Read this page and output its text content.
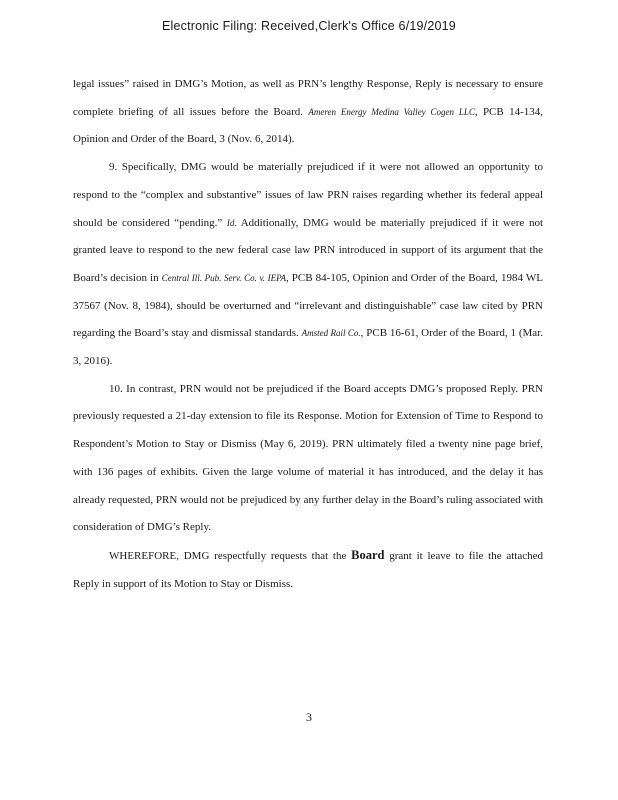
Electronic Filing: Received,Clerk's Office 6/19/2019

legal issues” raised in DMG’s Motion, as well as PRN’s lengthy Response, Reply is necessary to ensure complete briefing of all issues before the Board. Ameren Energy Medina Valley Cogen LLC, PCB 14-134, Opinion and Order of the Board, 3 (Nov. 6, 2014).

9. Specifically, DMG would be materially prejudiced if it were not allowed an opportunity to respond to the “complex and substantive” issues of law PRN raises regarding whether its federal appeal should be considered “pending.” Id. Additionally, DMG would be materially prejudiced if it were not granted leave to respond to the new federal case law PRN introduced in support of its argument that the Board’s decision in Central Ill. Pub. Serv. Co. v. IEPA, PCB 84-105, Opinion and Order of the Board, 1984 WL 37567 (Nov. 8, 1984), should be overturned and “irrelevant and distinguishable” case law cited by PRN regarding the Board’s stay and dismissal standards. Amsted Rail Co., PCB 16-61, Order of the Board, 1 (Mar. 3, 2016).

10. In contrast, PRN would not be prejudiced if the Board accepts DMG’s proposed Reply. PRN previously requested a 21-day extension to file its Response. Motion for Extension of Time to Respond to Respondent’s Motion to Stay or Dismiss (May 6, 2019). PRN ultimately filed a twenty nine page brief, with 136 pages of exhibits. Given the large volume of material it has introduced, and the delay it has already requested, PRN would not be prejudiced by any further delay in the Board’s ruling associated with consideration of DMG’s Reply.

WHEREFORE, DMG respectfully requests that the Board grant it leave to file the attached Reply in support of its Motion to Stay or Dismiss.

3
